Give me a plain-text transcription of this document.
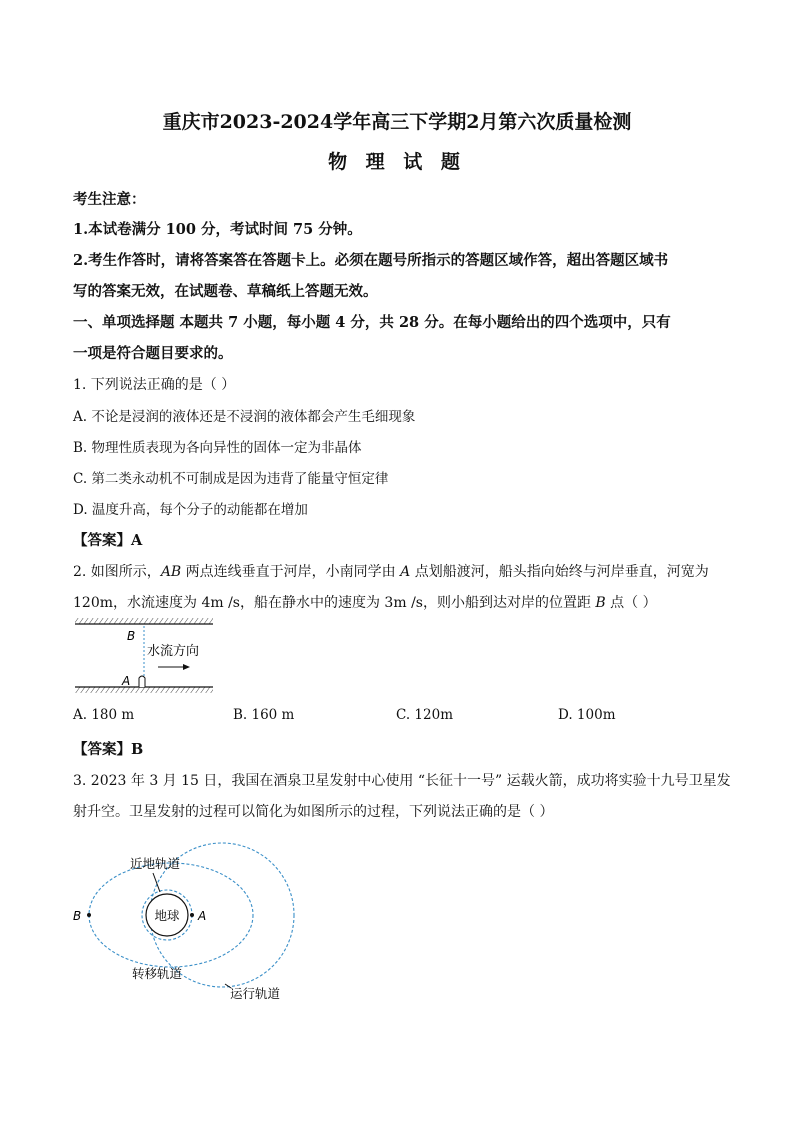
重庆市2023-2024学年高三下学期2月第六次质量检测
物 理 试 题
考生注意：
1.本试卷满分 100 分，考试时间 75 分钟。
2.考生作答时，请将答案答在答题卡上。必须在题号所指示的答题区域作答，超出答题区域书
写的答案无效，在试题卷、草稿纸上答题无效。
一、单项选择题 本题共 7 小题，每小题 4 分，共 28 分。在每小题给出的四个选项中，只有
一项是符合题目要求的。
1. 下列说法正确的是（ ）
A. 不论是浸润的液体还是不浸润的液体都会产生毛细现象
B. 物理性质表现为各向异性的固体一定为非晶体
C. 第二类永动机不可制成是因为违背了能量守恒定律
D. 温度升高，每个分子的动能都在增加
【答案】A
2. 如图所示，AB 两点连线垂直于河岸，小南同学由 A 点划船渡河，船头指向始终与河岸垂直，河宽为
120m，水流速度为 4m /s，船在静水中的速度为 3m /s，则小船到达对岸的位置距 B 点（ ）
B
A
水流方向
A. 180 m	B. 160 m	C. 120m	D. 100m
【答案】B
3. 2023 年 3 月 15 日，我国在酒泉卫星发射中心使用 “长征十一号” 运载火箭，成功将实验十九号卫星发
射升空。卫星发射的过程可以简化为如图所示的过程，下列说法正确的是（ ）
地球 A
B
近地轨道
转移轨道
运行轨道
